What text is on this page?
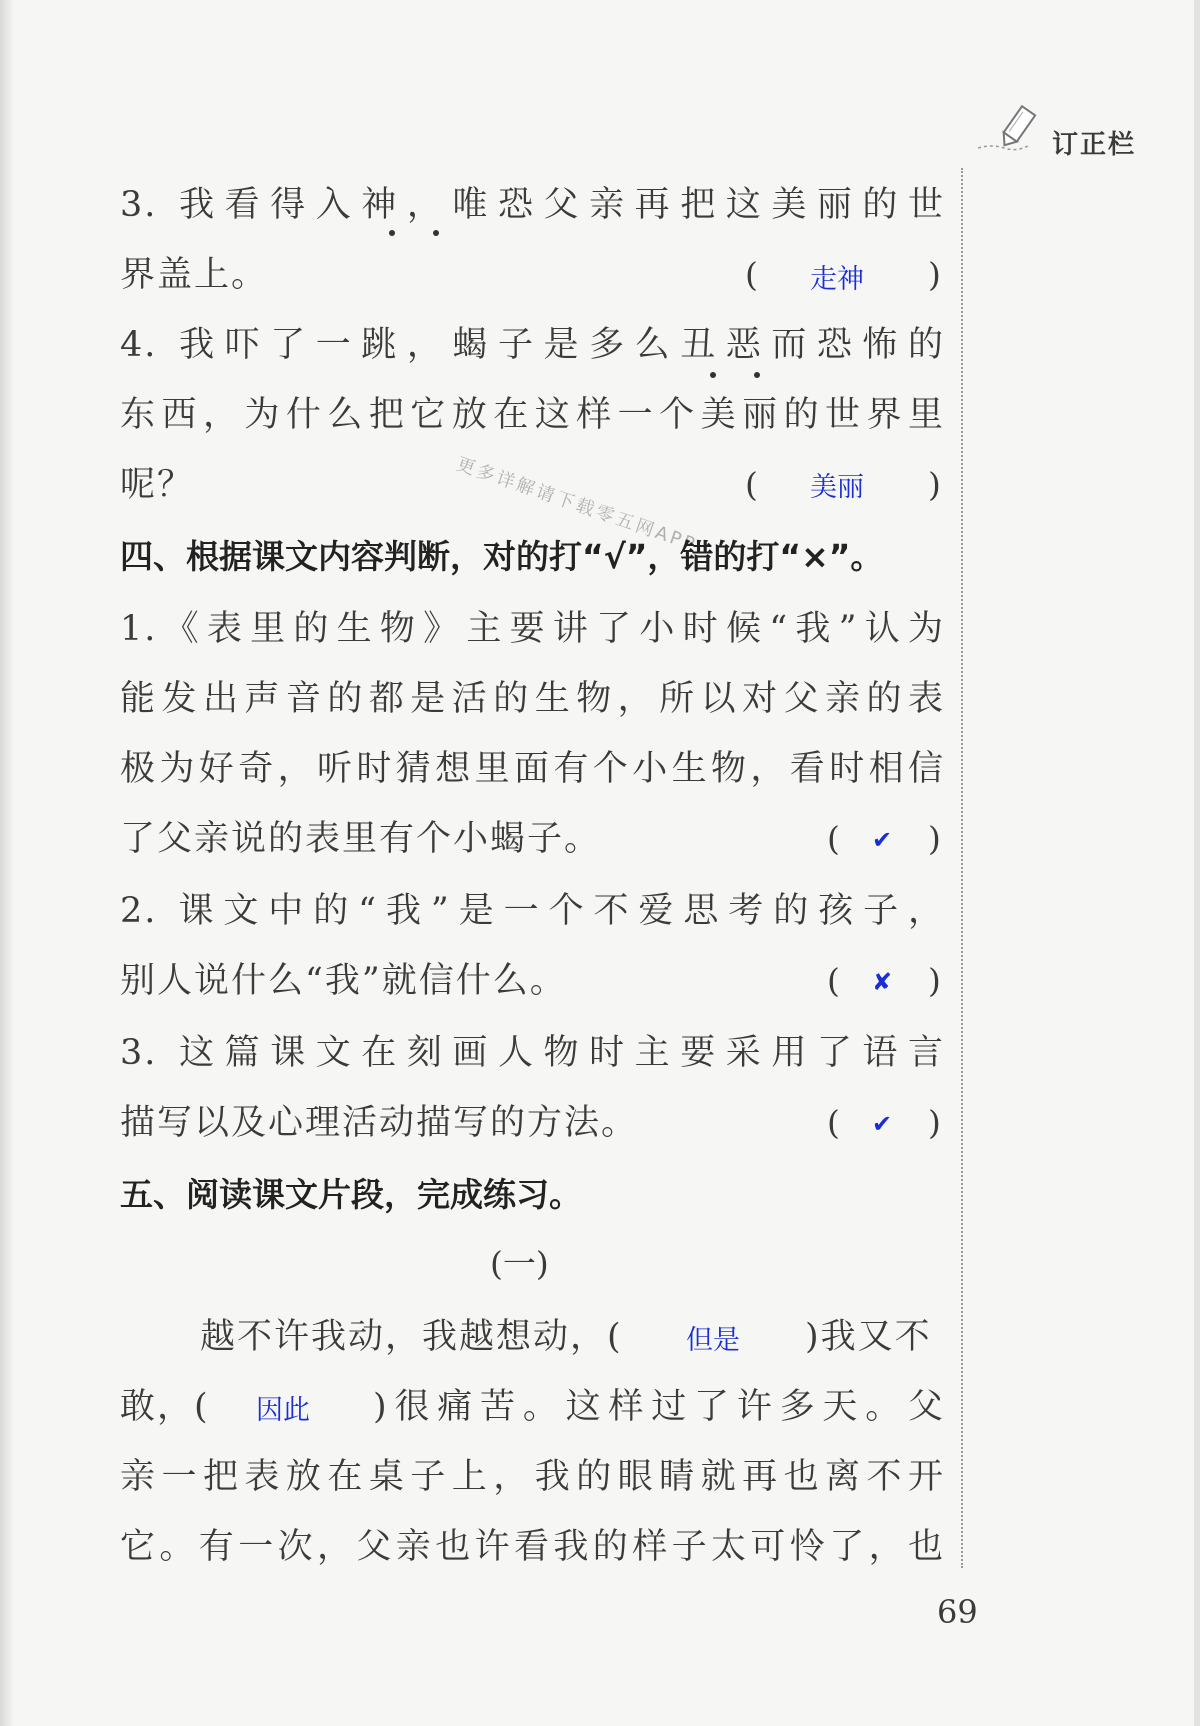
订正栏
3. 我看得入神，唯恐父亲再把这美丽的世
界盖上。	( 走神 )
4. 我吓了一跳，蝎子是多么丑恶而恐怖的
东西，为什么把它放在这样一个美丽的世界里
呢？	( 美丽 )
更多详解请下载零五网APP
四、根据课文内容判断，对的打“√”，错的打“×”。
1.《表里的生物》主要讲了小时候“我”认为
能发出声音的都是活的生物，所以对父亲的表
极为好奇，听时猜想里面有个小生物，看时相信
了父亲说的表里有个小蝎子。	( ✔ )
2. 课文中的“我”是一个不爱思考的孩子，
别人说什么“我”就信什么。	( ✘ )
3. 这篇课文在刻画人物时主要采用了语言
描写以及心理活动描写的方法。	( ✔ )
五、阅读课文片段，完成练习。
(一)
越不许我动，我越想动，( 但是 )我又不
敢，(	因此 )很痛苦。这样过了许多天。父
亲一把表放在桌子上，我的眼睛就再也离不开
它。有一次，父亲也许看我的样子太可怜了，也
69
